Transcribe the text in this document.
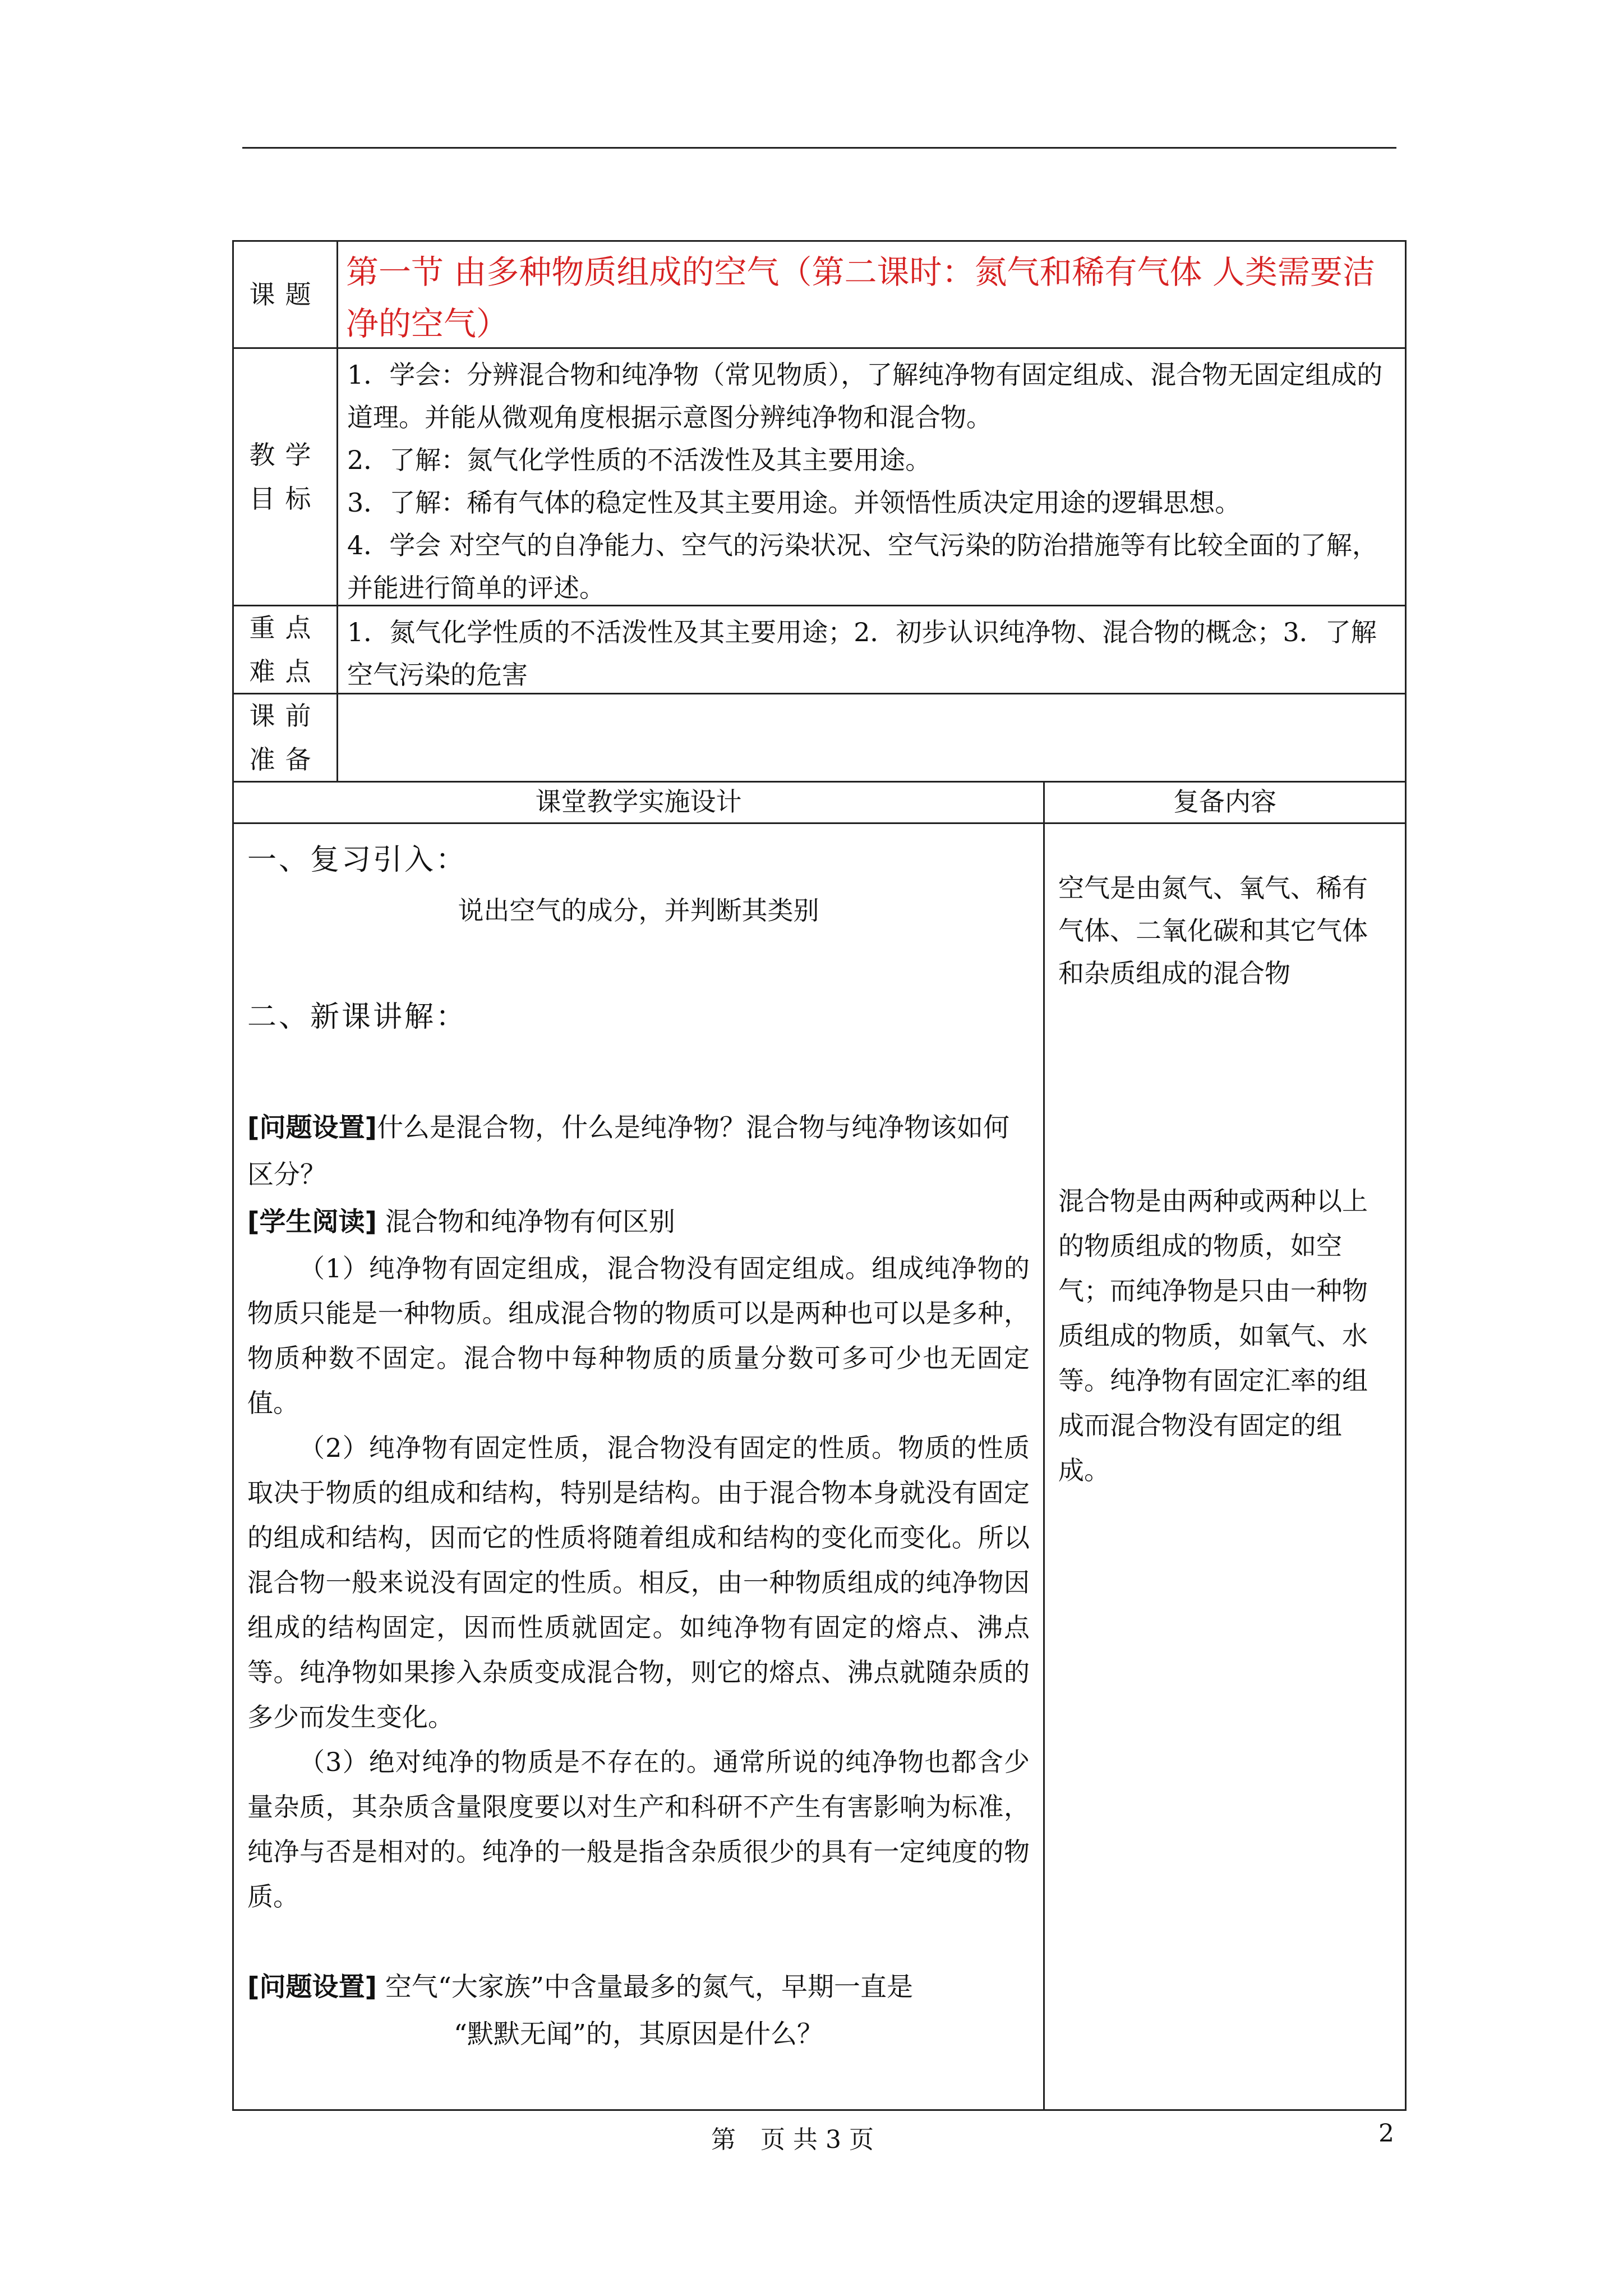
课题
第一节 由多种物质组成的空气（第二课时：氮气和稀有气体 人类需要洁净的空气）
教学
目标
1．学会：分辨混合物和纯净物（常见物质），了解纯净物有固定组成、混合物无固定组成的道理。并能从微观角度根据示意图分辨纯净物和混合物。
2．了解：氮气化学性质的不活泼性及其主要用途。
3．了解：稀有气体的稳定性及其主要用途。并领悟性质决定用途的逻辑思想。
4．学会 对空气的自净能力、空气的污染状况、空气污染的防治措施等有比较全面的了解，并能进行简单的评述。
重点
难点
1．氮气化学性质的不活泼性及其主要用途；2．初步认识纯净物、混合物的概念；3．了解空气污染的危害
课前
准备
课堂教学实施设计	复备内容
一、复习引入：
说出空气的成分，并判断其类别
二、新课讲解：
[问题设置]什么是混合物，什么是纯净物？混合物与纯净物该如何区分？
[学生阅读] 混合物和纯净物有何区别
（1）纯净物有固定组成，混合物没有固定组成。组成纯净物的物质只能是一种物质。组成混合物的物质可以是两种也可以是多种，物质种数不固定。混合物中每种物质的质量分数可多可少也无固定值。
（2）纯净物有固定性质，混合物没有固定的性质。物质的性质取决于物质的组成和结构，特别是结构。由于混合物本身就没有固定的组成和结构，因而它的性质将随着组成和结构的变化而变化。所以混合物一般来说没有固定的性质。相反，由一种物质组成的纯净物因组成的结构固定，因而性质就固定。如纯净物有固定的熔点、沸点等。纯净物如果掺入杂质变成混合物，则它的熔点、沸点就随杂质的多少而发生变化。
（3）绝对纯净的物质是不存在的。通常所说的纯净物也都含少量杂质，其杂质含量限度要以对生产和科研不产生有害影响为标准，纯净与否是相对的。纯净的一般是指含杂质很少的具有一定纯度的物质。
[问题设置] 空气“大家族”中含量最多的氮气，早期一直是
“默默无闻”的，其原因是什么？
空气是由氮气、氧气、稀有气体、二氧化碳和其它气体和杂质组成的混合物
混合物是由两种或两种以上的物质组成的物质，如空气；而纯净物是只由一种物质组成的物质，如氧气、水等。纯净物有固定汇率的组成而混合物没有固定的组成。
第　页 共 3 页	2
